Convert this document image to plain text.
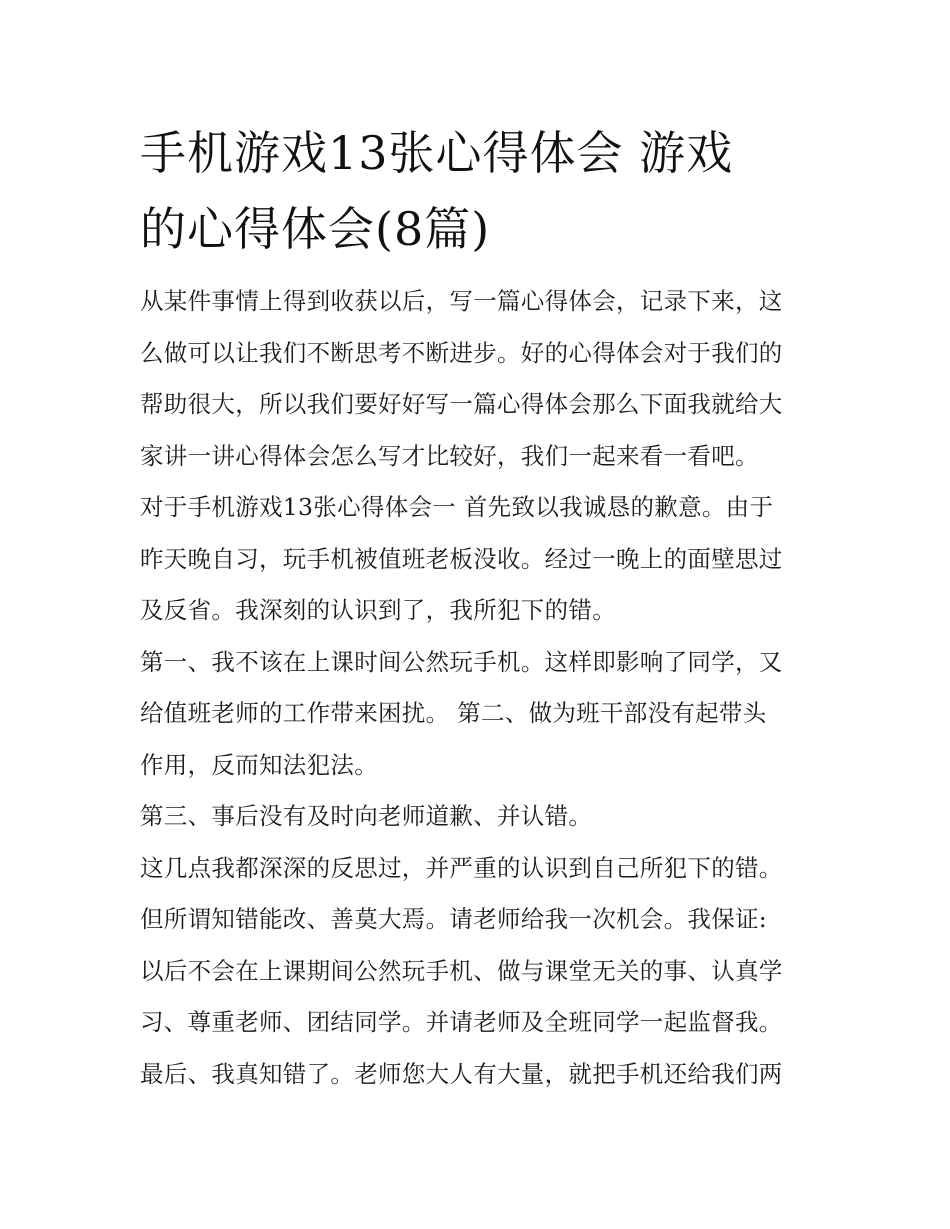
手机游戏13张心得体会 游戏
的心得体会(8篇)
从某件事情上得到收获以后，写一篇心得体会，记录下来，这
么做可以让我们不断思考不断进步。好的心得体会对于我们的
帮助很大，所以我们要好好写一篇心得体会那么下面我就给大
家讲一讲心得体会怎么写才比较好，我们一起来看一看吧。
对于手机游戏13张心得体会一 首先致以我诚恳的歉意。由于
昨天晚自习，玩手机被值班老板没收。经过一晚上的面壁思过
及反省。我深刻的认识到了，我所犯下的错。
第一、我不该在上课时间公然玩手机。这样即影响了同学，又
给值班老师的工作带来困扰。 第二、做为班干部没有起带头
作用，反而知法犯法。
第三、事后没有及时向老师道歉、并认错。
这几点我都深深的反思过，并严重的认识到自己所犯下的错。
但所谓知错能改、善莫大焉。请老师给我一次机会。我保证:
以后不会在上课期间公然玩手机、做与课堂无关的事、认真学
习、尊重老师、团结同学。并请老师及全班同学一起监督我。
最后、我真知错了。老师您大人有大量，就把手机还给我们两
